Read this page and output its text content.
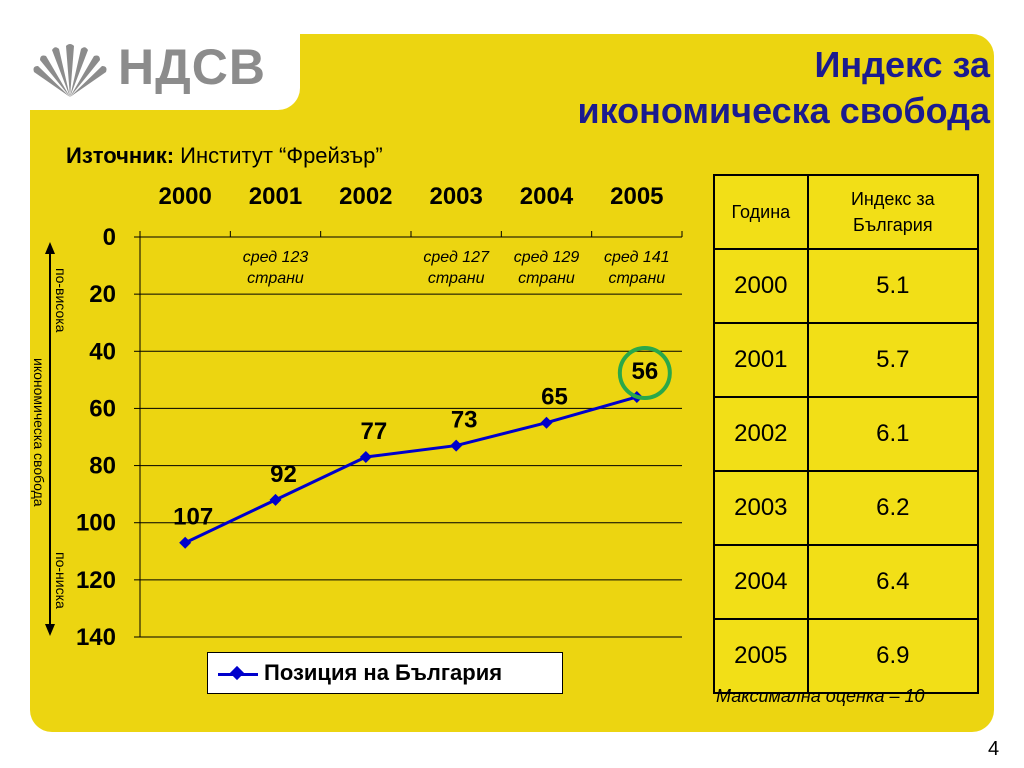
НДСВ	Индекс за
икономическа свобода
Източник: Институт “Фрейзър”
0
20
40
60
80
100
120
140
2000 2001 2002 2003 2004 2005
сред 123
страни
сред 127
страни
сред 129
страни
сред 141
страни
107
92
77	73
65
56
по-висока
икономическа свобода
по-ниска
Позиция на България
Година	Индекс за България

2000	5.1
2001	5.7
2002	6.1
2003	6.2
2004	6.4
2005	6.9
Максимална оценка – 10
4
